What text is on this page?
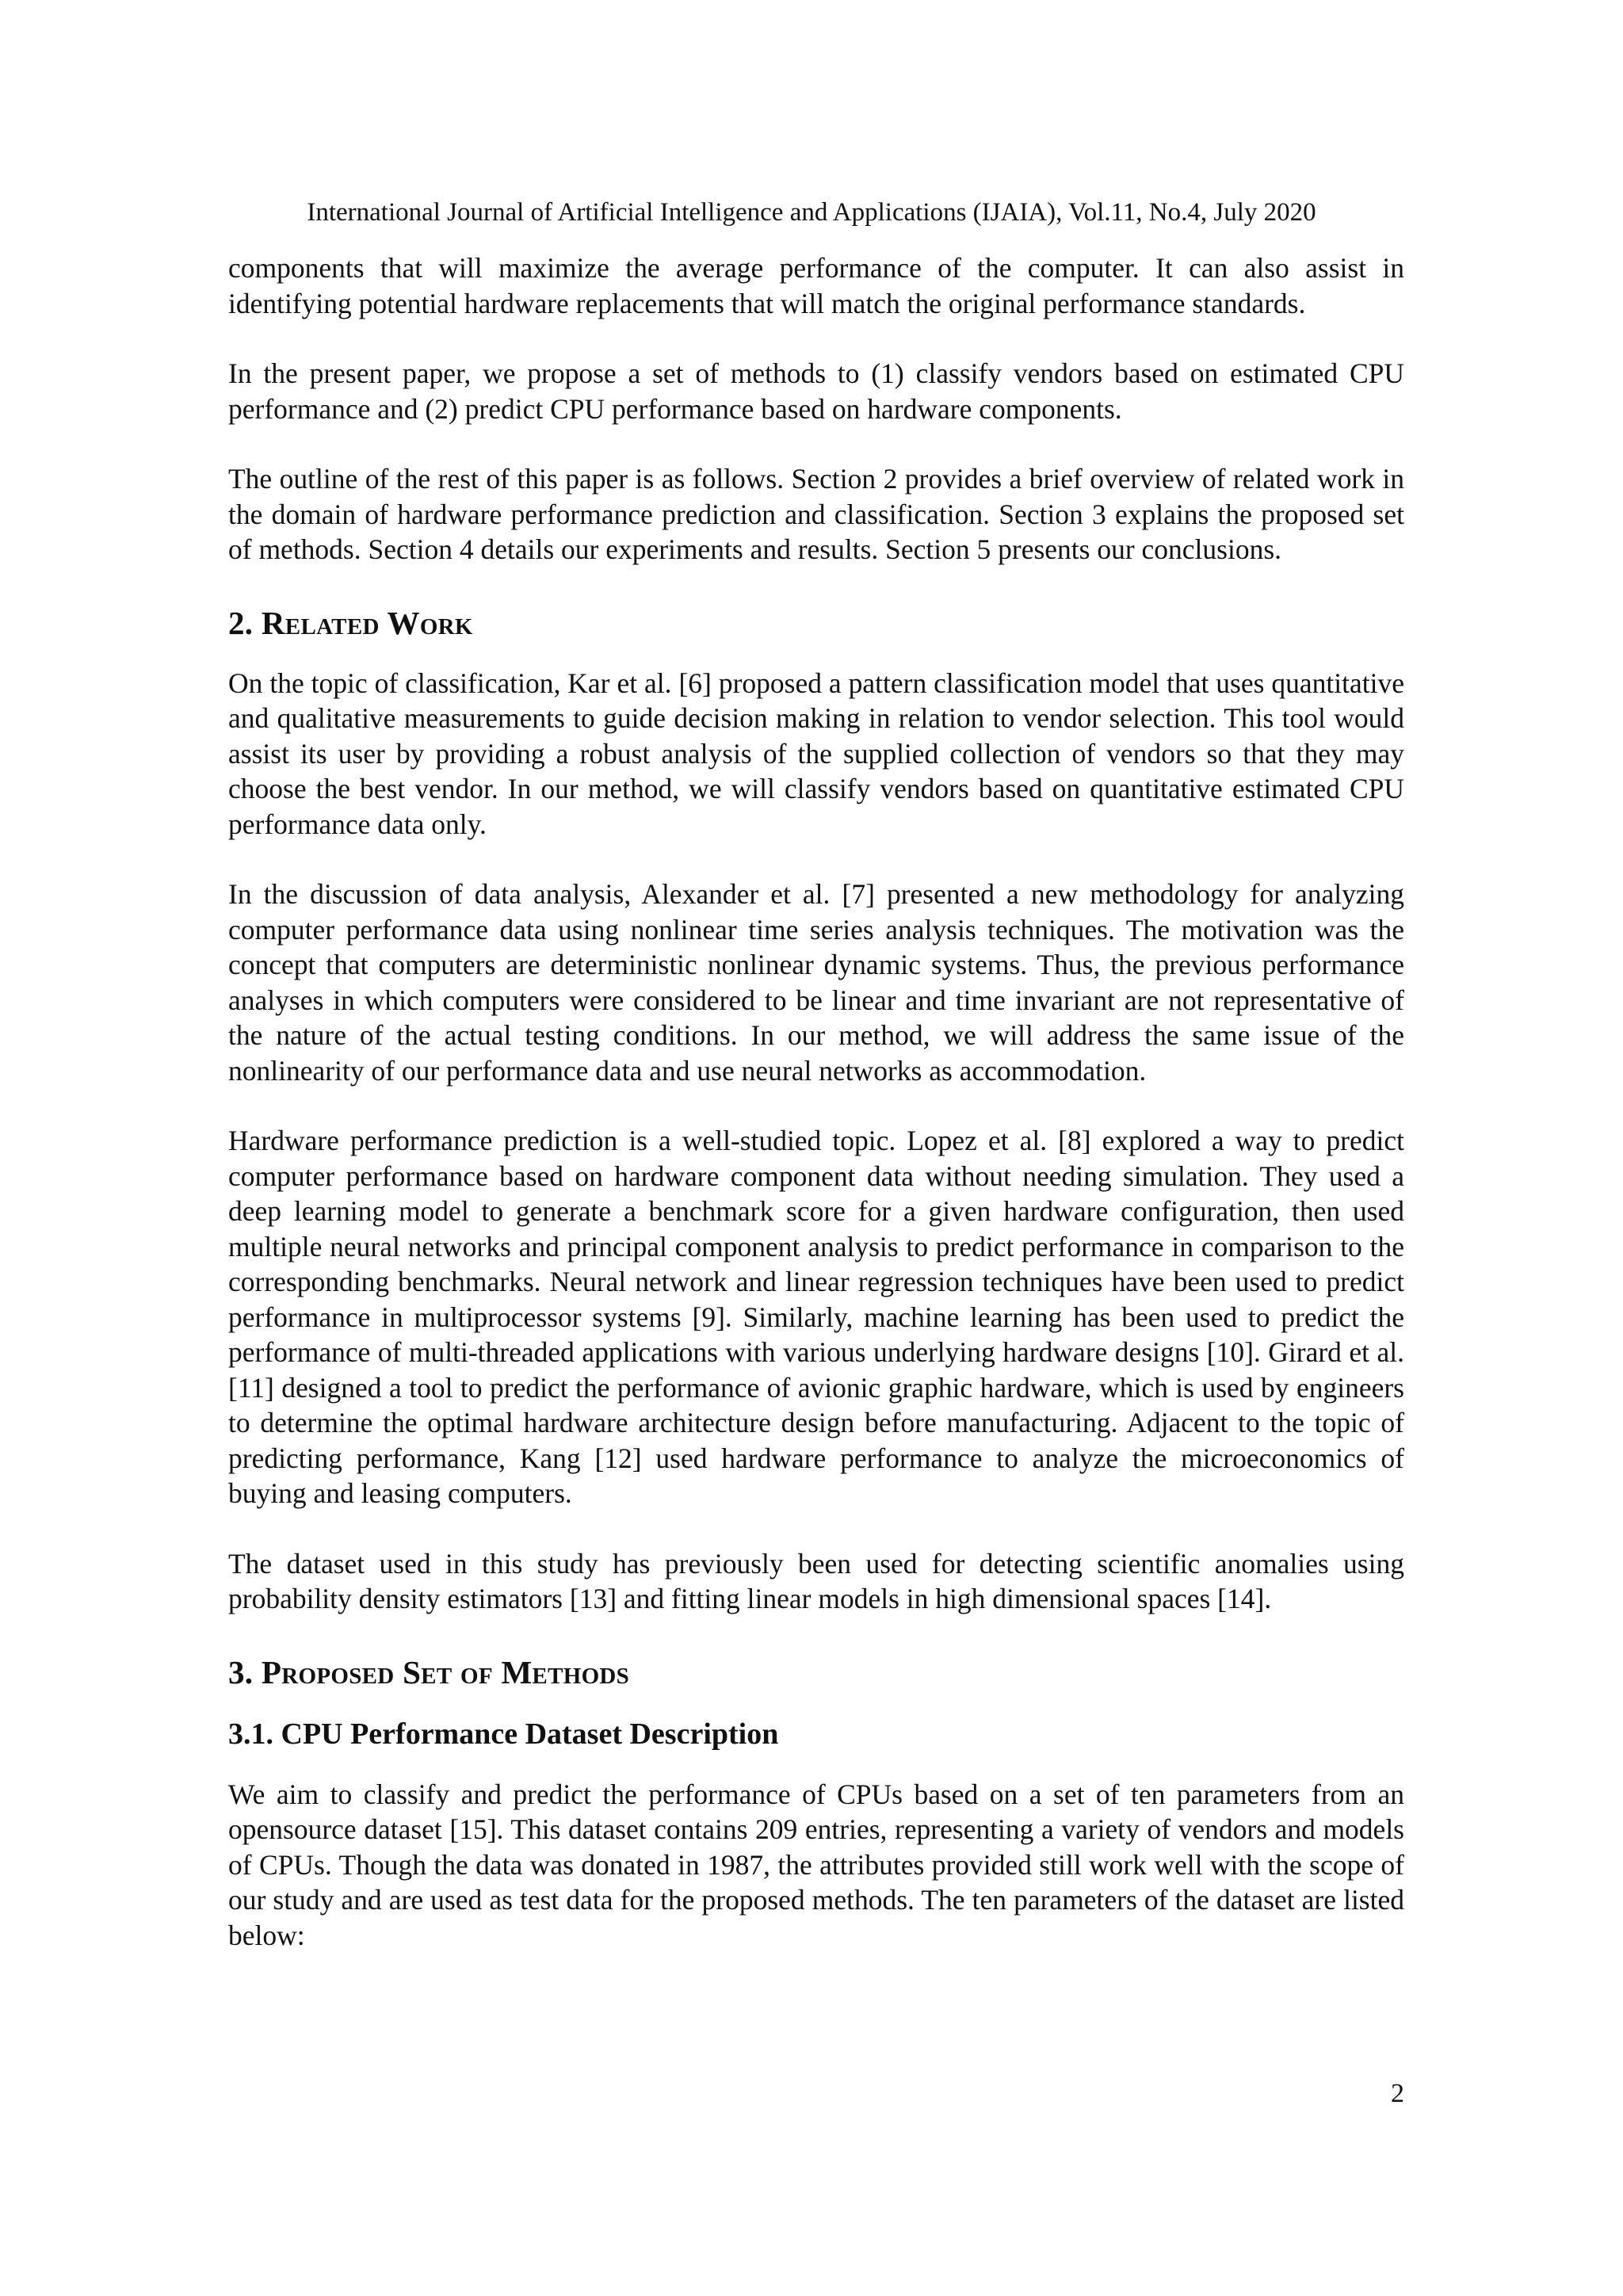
International Journal of Artificial Intelligence and Applications (IJAIA), Vol.11, No.4, July 2020

components that will maximize the average performance of the computer. It can also assist in identifying potential hardware replacements that will match the original performance standards.

In the present paper, we propose a set of methods to (1) classify vendors based on estimated CPU performance and (2) predict CPU performance based on hardware components.

The outline of the rest of this paper is as follows. Section 2 provides a brief overview of related work in the domain of hardware performance prediction and classification. Section 3 explains the proposed set of methods. Section 4 details our experiments and results. Section 5 presents our conclusions.

2. Related Work

On the topic of classification, Kar et al. [6] proposed a pattern classification model that uses quantitative and qualitative measurements to guide decision making in relation to vendor selection. This tool would assist its user by providing a robust analysis of the supplied collection of vendors so that they may choose the best vendor. In our method, we will classify vendors based on quantitative estimated CPU performance data only.

In the discussion of data analysis, Alexander et al. [7] presented a new methodology for analyzing computer performance data using nonlinear time series analysis techniques. The motivation was the concept that computers are deterministic nonlinear dynamic systems. Thus, the previous performance analyses in which computers were considered to be linear and time invariant are not representative of the nature of the actual testing conditions. In our method, we will address the same issue of the nonlinearity of our performance data and use neural networks as accommodation.

Hardware performance prediction is a well-studied topic. Lopez et al. [8] explored a way to predict computer performance based on hardware component data without needing simulation. They used a deep learning model to generate a benchmark score for a given hardware configuration, then used multiple neural networks and principal component analysis to predict performance in comparison to the corresponding benchmarks. Neural network and linear regression techniques have been used to predict performance in multiprocessor systems [9]. Similarly, machine learning has been used to predict the performance of multi-threaded applications with various underlying hardware designs [10]. Girard et al. [11] designed a tool to predict the performance of avionic graphic hardware, which is used by engineers to determine the optimal hardware architecture design before manufacturing. Adjacent to the topic of predicting performance, Kang [12] used hardware performance to analyze the microeconomics of buying and leasing computers.

The dataset used in this study has previously been used for detecting scientific anomalies using probability density estimators [13] and fitting linear models in high dimensional spaces [14].

3. Proposed Set of Methods
3.1. CPU Performance Dataset Description

We aim to classify and predict the performance of CPUs based on a set of ten parameters from an opensource dataset [15]. This dataset contains 209 entries, representing a variety of vendors and models of CPUs. Though the data was donated in 1987, the attributes provided still work well with the scope of our study and are used as test data for the proposed methods. The ten parameters of the dataset are listed below:

2
